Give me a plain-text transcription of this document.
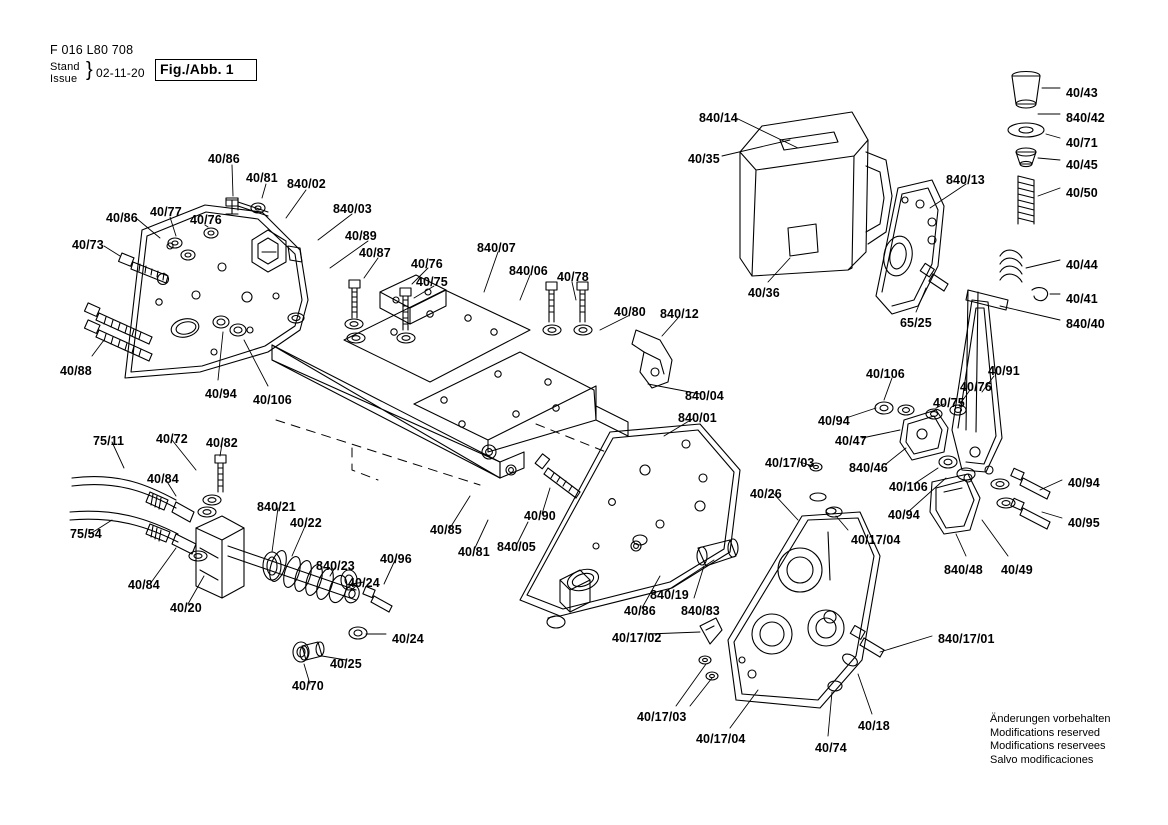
F 016 L80 708
Stand
Issue } 02-11-20 Fig./Abb. 1
40/86
40/81 840/02
40/86 40/77
40/76
840/03
40/73
40/89
40/87
40/76
840/07
40/75
840/06 40/78
40/80 840/12
40/88
40/94 40/106	840/04
840/01
75/11	40/72 40/82
40/84
840/21
40/22
75/54
840/23 40/96
40/24
40/84
40/20
40/24
40/25
40/70
40/85
40/81 840/05
40/90
840/19
40/86 840/83
40/17/02
40/17/03
40/17/04
40/74
40/18
840/17/01
40/26
40/17/03
40/17/04
840/14
40/35
840/13
40/36
65/25
40/43
840/42
40/71
40/45
40/50
40/44
40/41
840/40
40/106	40/91
40/76
40/75
40/94
40/47
840/46
40/106
40/94
40/94
40/95
840/48 40/49
Änderungen vorbehalten
Modifications reserved
Modifications reservees
Salvo modificaciones
